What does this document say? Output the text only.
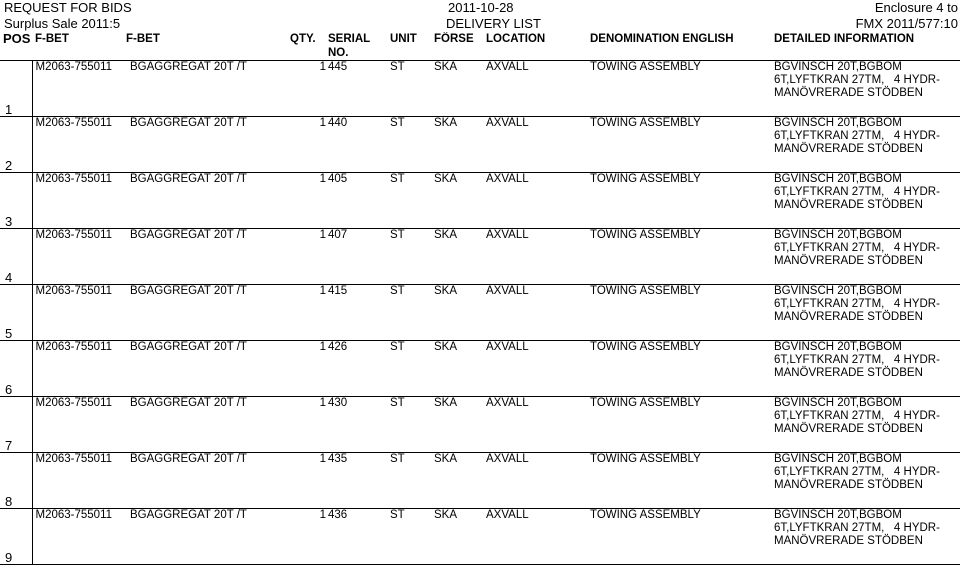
REQUEST FOR BIDS
Surplus Sale 2011:5
2011-10-28
DELIVERY LIST
Enclosure 4 to
FMX 2011/577:10
POS	F-BET	F-BET	QTY.	SERIAL NO.	UNIT	FÖRSE	LOCATION	DENOMINATION ENGLISH	DETAILED INFORMATION
1	M2063-755011	BGAGGREGAT 20T /T	1	445	ST	SKA	AXVALL	TOWING ASSEMBLY	BGVINSCH 20T,BGBOM
6T,LYFTKRAN 27TM,   4 HYDR-
MANÖVRERADE STÖDBEN

2	M2063-755011	BGAGGREGAT 20T /T	1	440	ST	SKA	AXVALL	TOWING ASSEMBLY	BGVINSCH 20T,BGBOM
6T,LYFTKRAN 27TM,   4 HYDR-
MANÖVRERADE STÖDBEN

3	M2063-755011	BGAGGREGAT 20T /T	1	405	ST	SKA	AXVALL	TOWING ASSEMBLY	BGVINSCH 20T,BGBOM
6T,LYFTKRAN 27TM,   4 HYDR-
MANÖVRERADE STÖDBEN

4	M2063-755011	BGAGGREGAT 20T /T	1	407	ST	SKA	AXVALL	TOWING ASSEMBLY	BGVINSCH 20T,BGBOM
6T,LYFTKRAN 27TM,   4 HYDR-
MANÖVRERADE STÖDBEN

5	M2063-755011	BGAGGREGAT 20T /T	1	415	ST	SKA	AXVALL	TOWING ASSEMBLY	BGVINSCH 20T,BGBOM
6T,LYFTKRAN 27TM,   4 HYDR-
MANÖVRERADE STÖDBEN

6	M2063-755011	BGAGGREGAT 20T /T	1	426	ST	SKA	AXVALL	TOWING ASSEMBLY	BGVINSCH 20T,BGBOM
6T,LYFTKRAN 27TM,   4 HYDR-
MANÖVRERADE STÖDBEN

7	M2063-755011	BGAGGREGAT 20T /T	1	430	ST	SKA	AXVALL	TOWING ASSEMBLY	BGVINSCH 20T,BGBOM
6T,LYFTKRAN 27TM,   4 HYDR-
MANÖVRERADE STÖDBEN

8	M2063-755011	BGAGGREGAT 20T /T	1	435	ST	SKA	AXVALL	TOWING ASSEMBLY	BGVINSCH 20T,BGBOM
6T,LYFTKRAN 27TM,   4 HYDR-
MANÖVRERADE STÖDBEN

9	M2063-755011	BGAGGREGAT 20T /T	1	436	ST	SKA	AXVALL	TOWING ASSEMBLY	BGVINSCH 20T,BGBOM
6T,LYFTKRAN 27TM,   4 HYDR-
MANÖVRERADE STÖDBEN
